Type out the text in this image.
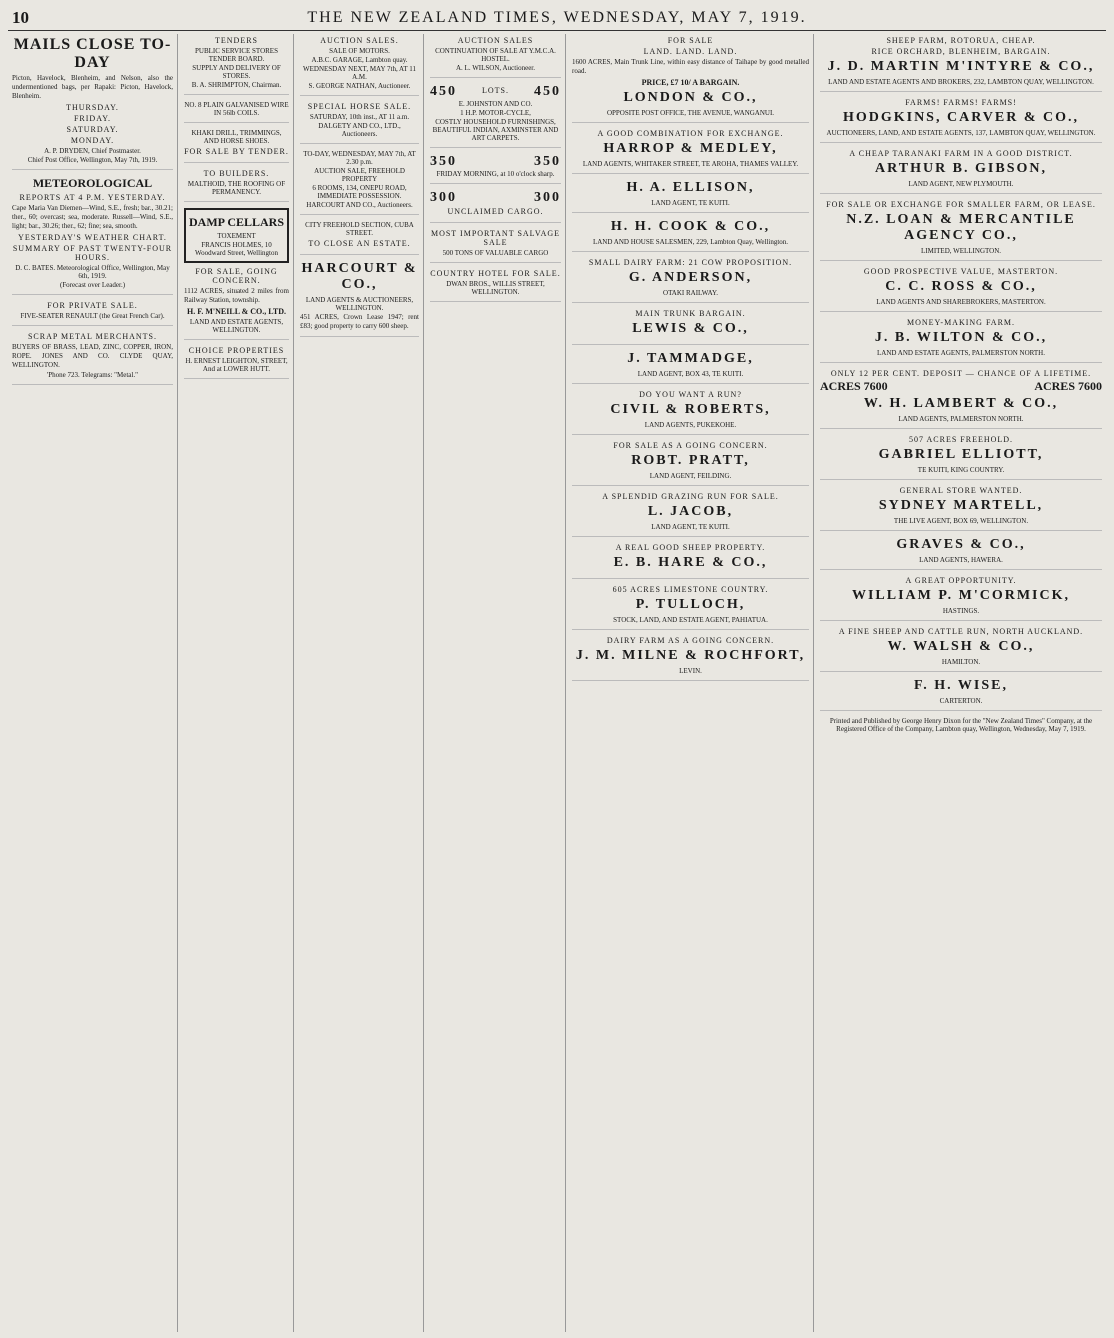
10	THE NEW ZEALAND TIMES, WEDNESDAY, MAY 7, 1919.
MAILS CLOSE TO-DAY

Picton, Havelock, Blenheim, and Nelson, also the undermentioned bags, per Rapaki: Picton, Havelock, Blenheim.

THURSDAY.
FRIDAY.
SATURDAY.
MONDAY.
A. P. DRYDEN, Chief Postmaster.
Chief Post Office, Wellington, May 7th, 1919.
METEOROLOGICAL
REPORTS AT 4 P.M. YESTERDAY.

Cape Maria Van Diemen—Wind, S.E., fresh; bar., 30.21; ther., 60; overcast; sea, moderate. Russell—Wind, S.E., light; bar., 30.26; ther., 62; fine; sea, smooth.

YESTERDAY'S WEATHER CHART.
SUMMARY OF PAST TWENTY-FOUR HOURS.
D. C. BATES. Meteorological Office, Wellington, May 6th, 1919.
(Forecast over Leader.)
FOR PRIVATE SALE.
FIVE-SEATER RENAULT (the Great French Car).
SCRAP METAL MERCHANTS.

BUYERS OF BRASS, LEAD, ZINC, COPPER, IRON, ROPE. JONES AND CO. CLYDE QUAY, WELLINGTON.

'Phone 723. Telegrams: "Metal."
TENDERS
PUBLIC SERVICE STORES TENDER BOARD.
SUPPLY AND DELIVERY OF STORES.
B. A. SHRIMPTON, Chairman.
NO. 8 PLAIN GALVANISED WIRE IN 56lb COILS.
KHAKI DRILL, TRIMMINGS, AND HORSE SHOES.
FOR SALE BY TENDER.
TO BUILDERS.
MALTHOID, THE ROOFING OF PERMANENCY.
DAMP CELLARS
TOXEMENT
FRANCIS HOLMES, 10 Woodward Street, Wellington
FOR SALE, GOING CONCERN.

1112 ACRES, situated 2 miles from Railway Station, township.

H. F. M'NEILL & CO., LTD.
LAND AND ESTATE AGENTS, WELLINGTON.
CHOICE PROPERTIES
H. ERNEST LEIGHTON, STREET, And at LOWER HUTT.
AUCTION SALES.
SALE OF MOTORS.
A.B.C. GARAGE, Lambton quay.
WEDNESDAY NEXT, MAY 7th, AT 11 A.M.
S. GEORGE NATHAN, Auctioneer.
SPECIAL HORSE SALE.
SATURDAY, 10th inst., AT 11 a.m.
DALGETY AND CO., LTD., Auctioneers.
TO-DAY, WEDNESDAY, MAY 7th, AT 2.30 p.m.
AUCTION SALE, FREEHOLD PROPERTY
6 ROOMS, 134, ONEPU ROAD, IMMEDIATE POSSESSION.
HARCOURT AND CO., Auctioneers.
CITY FREEHOLD SECTION, CUBA STREET.
TO CLOSE AN ESTATE.
HARCOURT & CO.,
LAND AGENTS & AUCTIONEERS, WELLINGTON.

451 ACRES, Crown Lease 1947; rent £83; good property to carry 600 sheep.

AUCTION SALES
CONTINUATION OF SALE AT Y.M.C.A. HOSTEL.
A. L. WILSON, Auctioneer.
450	LOTS. 450
E. JOHNSTON AND CO.
1 H.P. MOTOR-CYCLE,
COSTLY HOUSEHOLD FURNISHINGS, BEAUTIFUL INDIAN, AXMINSTER AND ART CARPETS.
350	350
FRIDAY MORNING, at 10 o'clock sharp.
300	300
UNCLAIMED CARGO.
MOST IMPORTANT SALVAGE SALE
500 TONS OF VALUABLE CARGO
COUNTRY HOTEL FOR SALE.
DWAN BROS., WILLIS STREET, WELLINGTON.
FOR SALE
LAND. LAND. LAND.

1600 ACRES, Main Trunk Line, within easy distance of Taihape by good metalled road.

PRICE, £7 10/ A BARGAIN.
LONDON & CO.,
OPPOSITE POST OFFICE, THE AVENUE, WANGANUI.
A GOOD COMBINATION FOR EXCHANGE.
HARROP & MEDLEY,
LAND AGENTS, WHITAKER STREET, TE AROHA, THAMES VALLEY.
H. A. ELLISON,
LAND AGENT, TE KUITI.
H. H. COOK & CO.,
LAND AND HOUSE SALESMEN, 229, Lambton Quay, Wellington.
SMALL DAIRY FARM: 21 COW PROPOSITION.
G. ANDERSON,
OTAKI RAILWAY.
MAIN TRUNK BARGAIN.
LEWIS & CO.,
J. TAMMADGE,
LAND AGENT, BOX 43, TE KUITI.
DO YOU WANT A RUN?
CIVIL & ROBERTS,
LAND AGENTS, PUKEKOHE.
FOR SALE AS A GOING CONCERN.
ROBT. PRATT,
LAND AGENT, FEILDING.
A SPLENDID GRAZING RUN FOR SALE.
L. JACOB,
LAND AGENT, TE KUITI.
A REAL GOOD SHEEP PROPERTY.
E. B. HARE & CO.,
605 ACRES LIMESTONE COUNTRY.
P. TULLOCH,
STOCK, LAND, AND ESTATE AGENT, PAHIATUA.
DAIRY FARM AS A GOING CONCERN.
J. M. MILNE & ROCHFORT,
LEVIN.
SHEEP FARM, ROTORUA, CHEAP.
RICE ORCHARD, BLENHEIM, BARGAIN.
J. D. MARTIN M'INTYRE & CO.,
LAND AND ESTATE AGENTS AND BROKERS, 232, LAMBTON QUAY, WELLINGTON.
FARMS! FARMS! FARMS!
HODGKINS, CARVER & CO.,
AUCTIONEERS, LAND, AND ESTATE AGENTS, 137, LAMBTON QUAY, WELLINGTON.
A CHEAP TARANAKI FARM IN A GOOD DISTRICT.
ARTHUR B. GIBSON,
LAND AGENT, NEW PLYMOUTH.
FOR SALE OR EXCHANGE FOR SMALLER FARM, OR LEASE.
N.Z. LOAN & MERCANTILE AGENCY CO.,
LIMITED, WELLINGTON.
GOOD PROSPECTIVE VALUE, MASTERTON.
C. C. ROSS & CO.,
LAND AGENTS AND SHAREBROKERS, MASTERTON.
MONEY-MAKING FARM.
J. B. WILTON & CO.,
LAND AND ESTATE AGENTS, PALMERSTON NORTH.
ONLY 12 PER CENT. DEPOSIT — CHANCE OF A LIFETIME.
ACRES 7600	ACRES 7600
W. H. LAMBERT & CO.,
LAND AGENTS, PALMERSTON NORTH.
507 ACRES FREEHOLD.
GABRIEL ELLIOTT,
TE KUITI, KING COUNTRY.
GENERAL STORE WANTED.
SYDNEY MARTELL,
THE LIVE AGENT, BOX 69, WELLINGTON.
GRAVES & CO.,
LAND AGENTS, HAWERA.
A GREAT OPPORTUNITY.
WILLIAM P. M'CORMICK,
HASTINGS.
A FINE SHEEP AND CATTLE RUN, NORTH AUCKLAND.
W. WALSH & CO.,
HAMILTON.
F. H. WISE,
CARTERTON.
Printed and Published by George Henry Dixon for the "New Zealand Times" Company, at the Registered Office of the Company, Lambton quay, Wellington, Wednesday, May 7, 1919.
